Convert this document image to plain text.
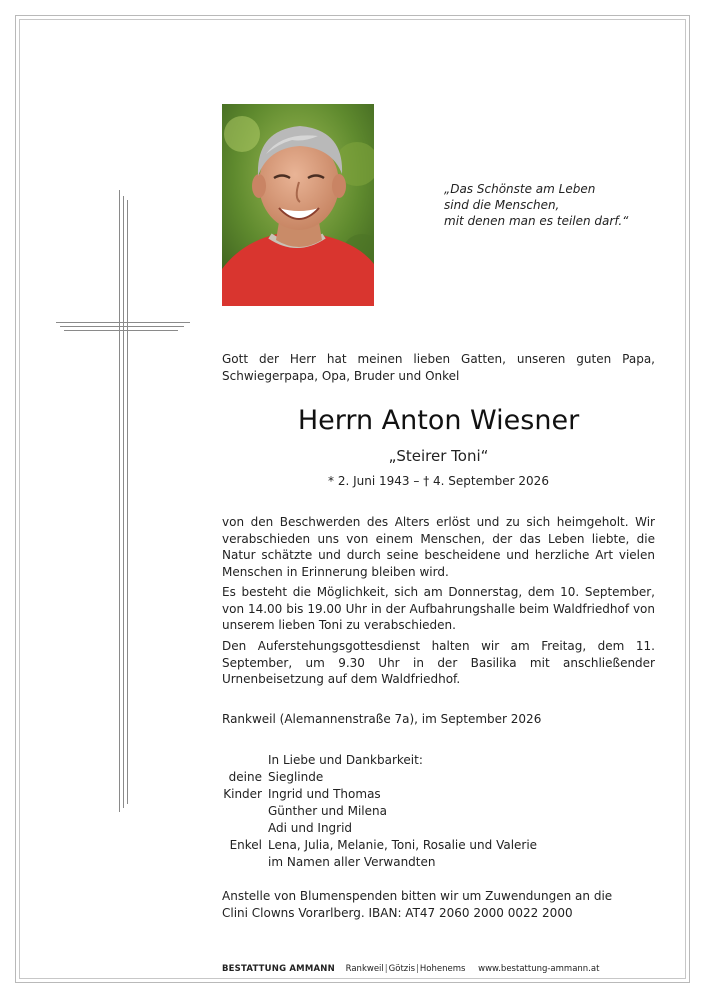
„Das Schönste am Leben
sind die Menschen,
mit denen man es teilen darf.“
Gott der Herr hat meinen lieben Gatten, unseren guten Papa, Schwiegerpapa, Opa, Bruder und Onkel
Herrn Anton Wiesner
„Steirer Toni“
* 2. Juni 1943 – † 4. September 2026
von den Beschwerden des Alters erlöst und zu sich heimgeholt. Wir verabschieden uns von einem Menschen, der das Leben liebte, die Natur schätzte und durch seine bescheidene und herzliche Art vielen Menschen in Erinnerung bleiben wird.
Es besteht die Möglichkeit, sich am Donnerstag, dem 10. September, von 14.00 bis 19.00 Uhr in der Aufbahrungshalle beim Waldfriedhof von unserem lieben Toni zu verabschieden.
Den Auferstehungsgottesdienst halten wir am Freitag, dem 11. September, um 9.30 Uhr in der Basilika mit anschließender Urnenbeisetzung auf dem Waldfriedhof.
Rankweil (Alemannenstraße 7a), im September 2026
In Liebe und Dankbarkeit:
deine Sieglinde
Kinder Ingrid und Thomas
Günther und Milena
Adi und Ingrid
Enkel Lena, Julia, Melanie, Toni, Rosalie und Valerie
im Namen aller Verwandten
Anstelle von Blumenspenden bitten wir um Zuwendungen an die
Clini Clowns Vorarlberg. IBAN: AT47 2060 2000 0022 2000
BESTATTUNG AMMANN Rankweil|Götzis|Hohenems www.bestattung-ammann.at
